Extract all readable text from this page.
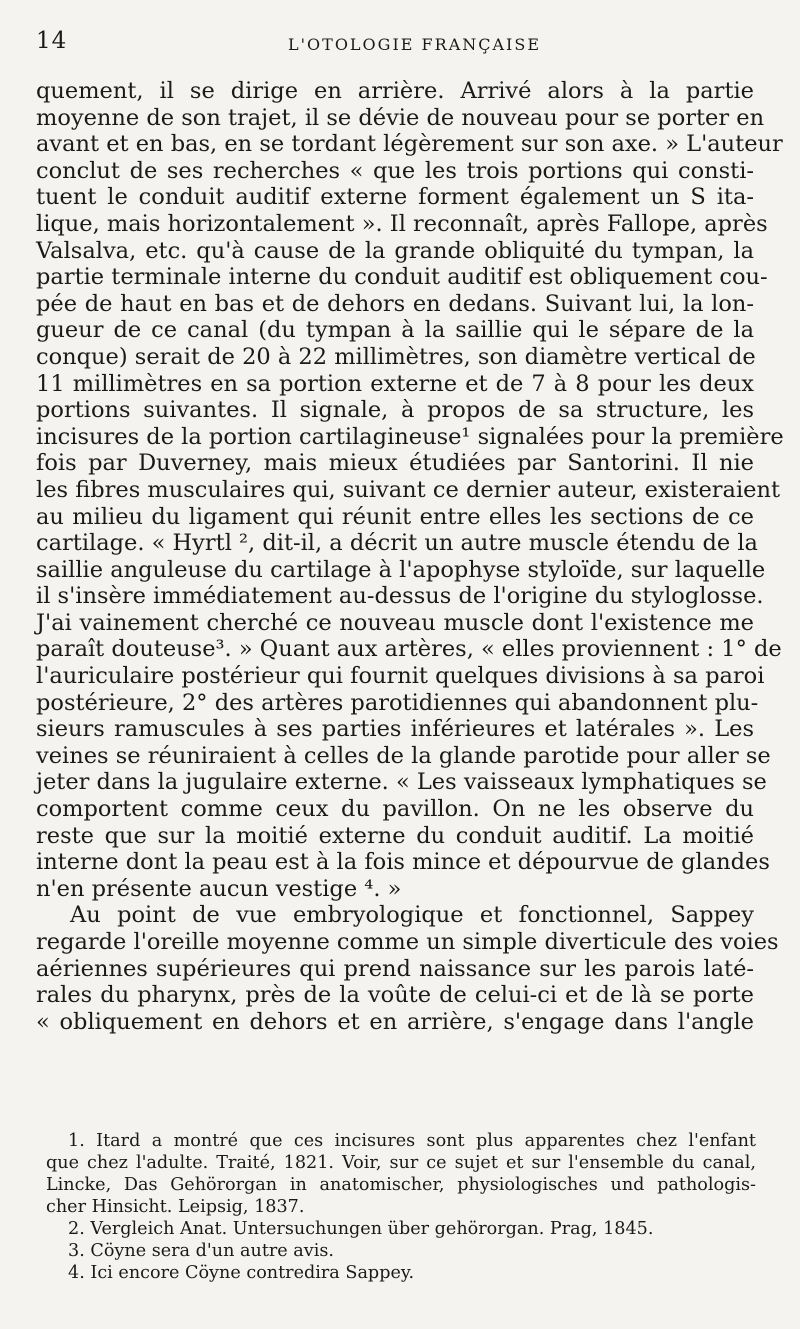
14	L'OTOLOGIE FRANÇAISE
quement, il se dirige en arrière. Arrivé alors à la partie
moyenne de son trajet, il se dévie de nouveau pour se porter en
avant et en bas, en se tordant légèrement sur son axe. » L'auteur
conclut de ses recherches « que les trois portions qui consti-
tuent le conduit auditif externe forment également un S ita-
lique, mais horizontalement ». Il reconnaît, après Fallope, après
Valsalva, etc. qu'à cause de la grande obliquité du tympan, la
partie terminale interne du conduit auditif est obliquement cou-
pée de haut en bas et de dehors en dedans. Suivant lui, la lon-
gueur de ce canal (du tympan à la saillie qui le sépare de la
conque) serait de 20 à 22 millimètres, son diamètre vertical de
11 millimètres en sa portion externe et de 7 à 8 pour les deux
portions suivantes. Il signale, à propos de sa structure, les
incisures de la portion cartilagineuse¹ signalées pour la première
fois par Duverney, mais mieux étudiées par Santorini. Il nie
les fibres musculaires qui, suivant ce dernier auteur, existeraient
au milieu du ligament qui réunit entre elles les sections de ce
cartilage. « Hyrtl ², dit-il, a décrit un autre muscle étendu de la
saillie anguleuse du cartilage à l'apophyse styloïde, sur laquelle
il s'insère immédiatement au-dessus de l'origine du styloglosse.
J'ai vainement cherché ce nouveau muscle dont l'existence me
paraît douteuse³. » Quant aux artères, « elles proviennent : 1° de
l'auriculaire postérieur qui fournit quelques divisions à sa paroi
postérieure, 2° des artères parotidiennes qui abandonnent plu-
sieurs ramuscules à ses parties inférieures et latérales ». Les
veines se réuniraient à celles de la glande parotide pour aller se
jeter dans la jugulaire externe. « Les vaisseaux lymphatiques se
comportent comme ceux du pavillon. On ne les observe du
reste que sur la moitié externe du conduit auditif. La moitié
interne dont la peau est à la fois mince et dépourvue de glandes
n'en présente aucun vestige ⁴. »
Au point de vue embryologique et fonctionnel, Sappey
regarde l'oreille moyenne comme un simple diverticule des voies
aériennes supérieures qui prend naissance sur les parois laté-
rales du pharynx, près de la voûte de celui-ci et de là se porte
« obliquement en dehors et en arrière, s'engage dans l'angle
1. Itard a montré que ces incisures sont plus apparentes chez l'enfant
que chez l'adulte. Traité, 1821. Voir, sur ce sujet et sur l'ensemble du canal,
Lincke, Das Gehörorgan in anatomischer, physiologisches und pathologis-
cher Hinsicht. Leipsig, 1837.
2. Vergleich Anat. Untersuchungen über gehörorgan. Prag, 1845.
3. Cöyne sera d'un autre avis.
4. Ici encore Cöyne contredira Sappey.
